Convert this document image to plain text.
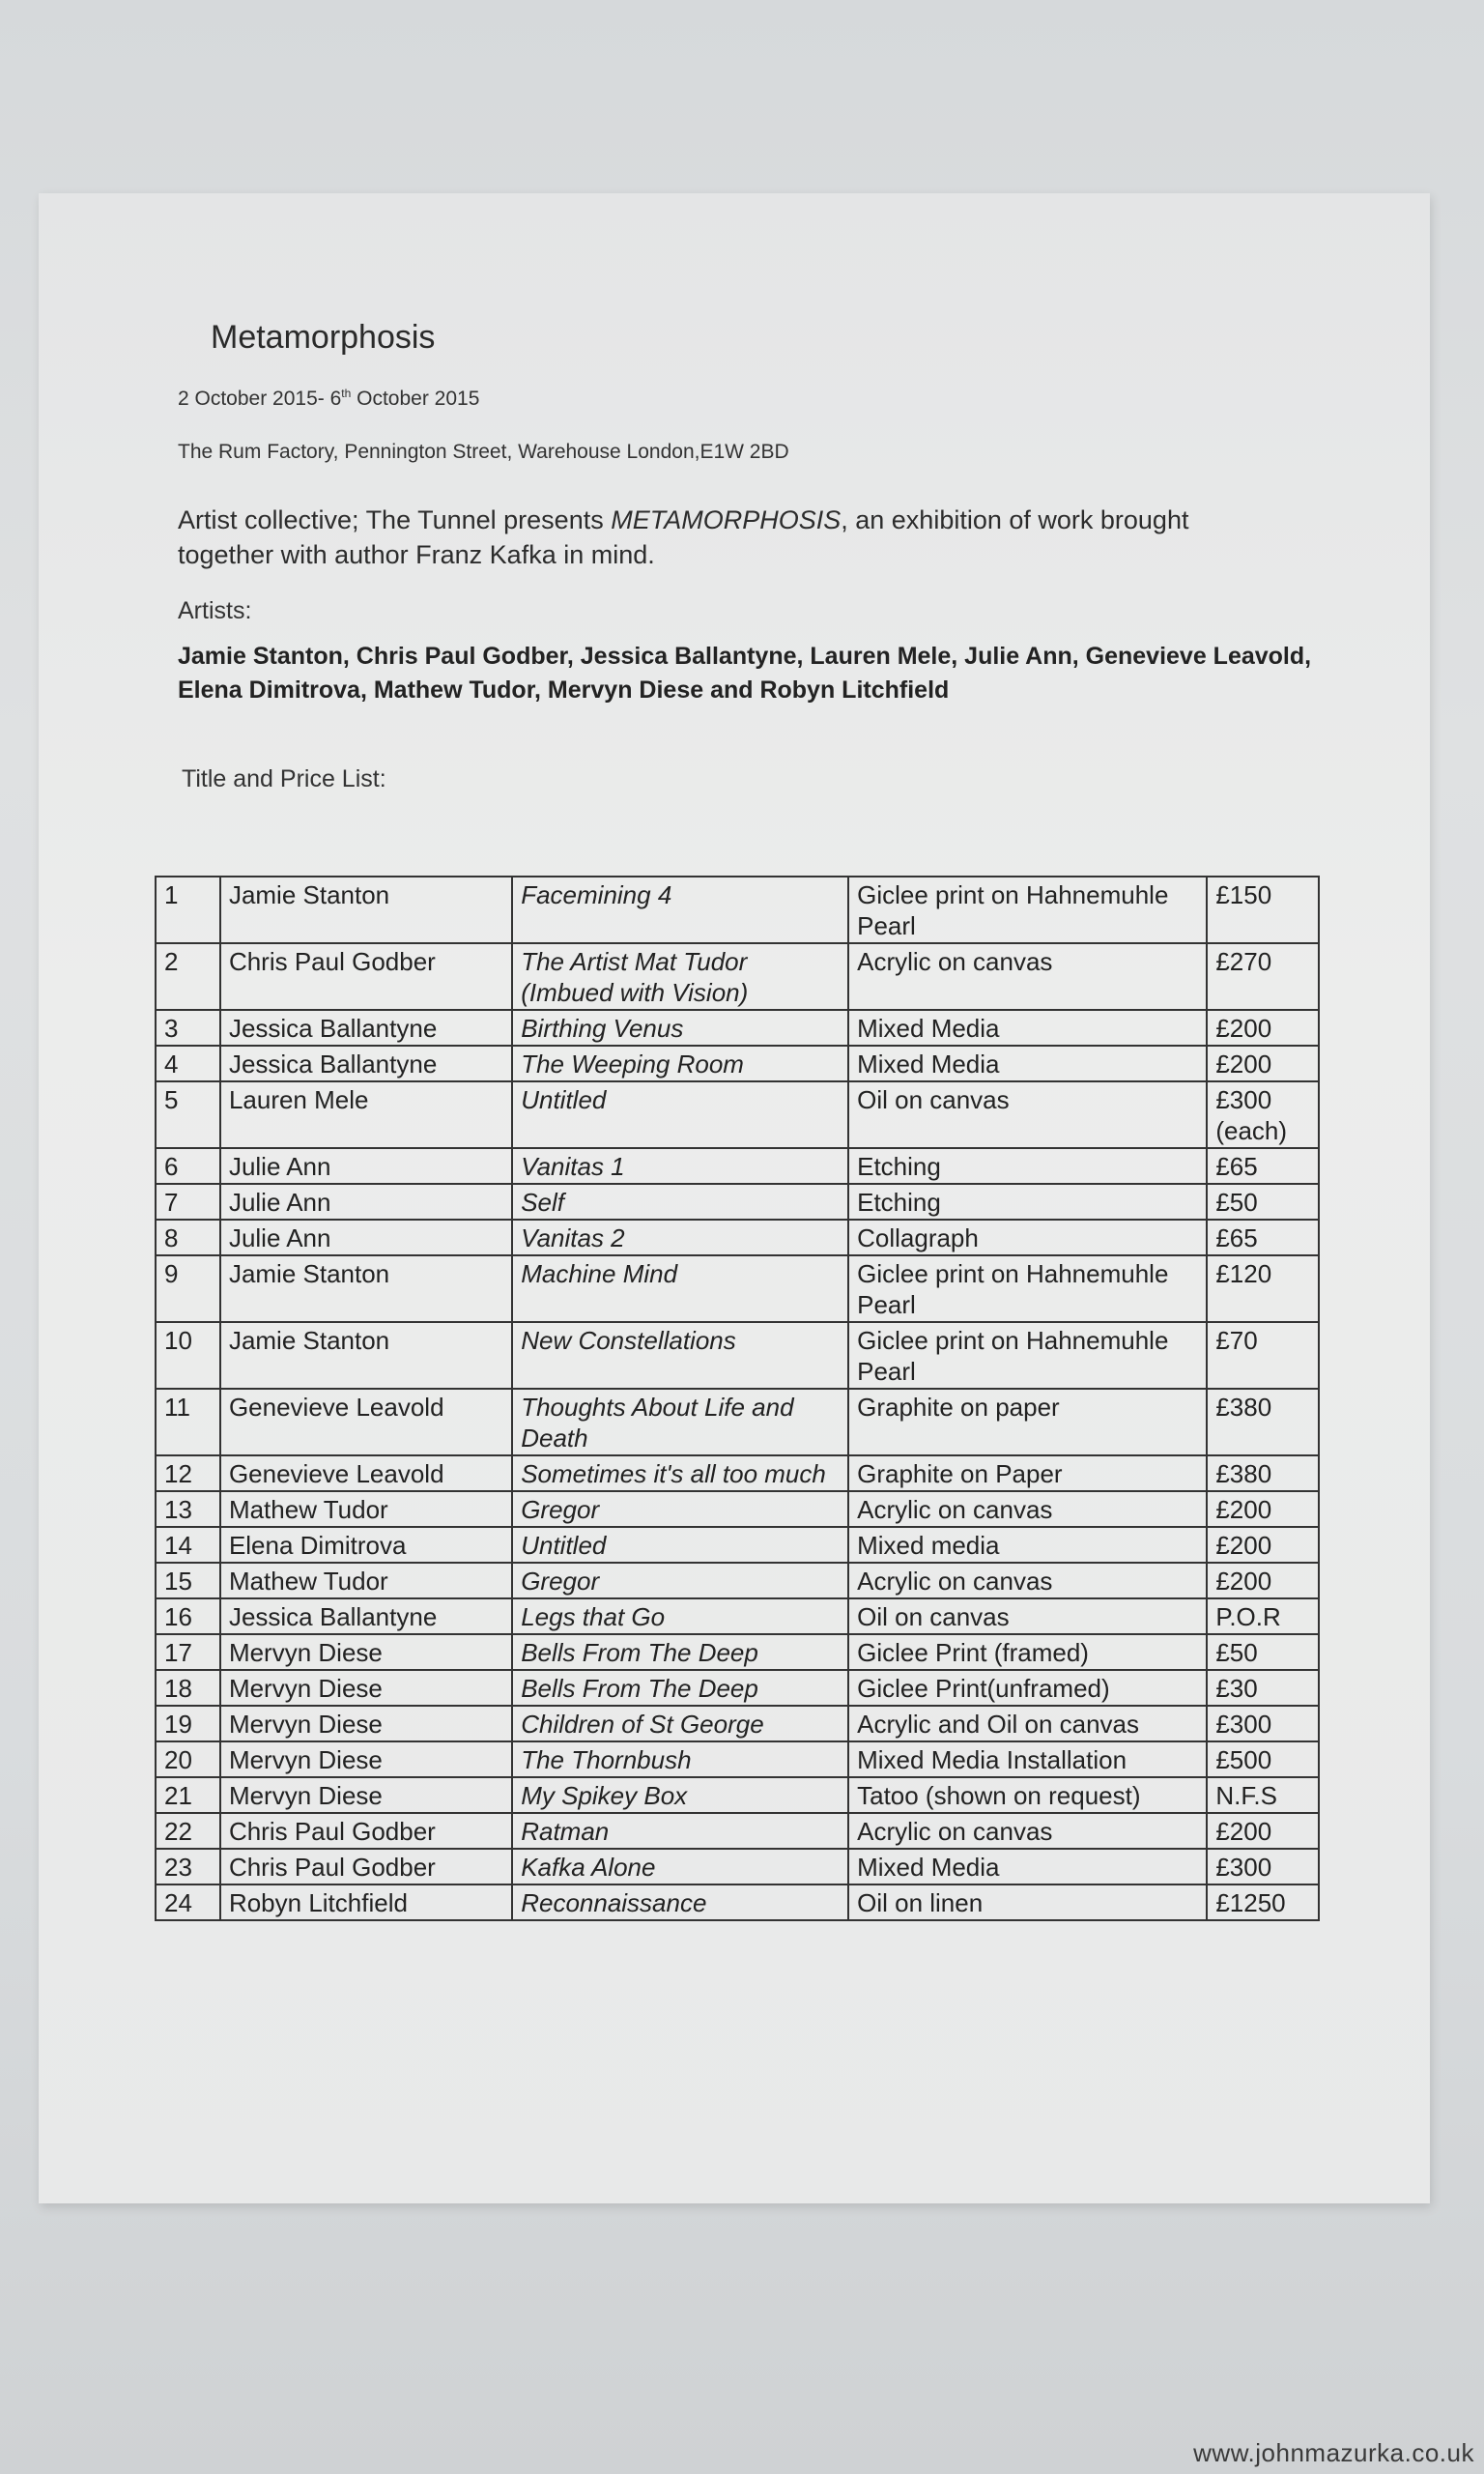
Metamorphosis
2 October 2015- 6th October 2015
The Rum Factory, Pennington Street, Warehouse London,E1W 2BD
Artist collective; The Tunnel presents METAMORPHOSIS, an exhibition of work brought together with author Franz Kafka in mind.
Artists:
Jamie Stanton, Chris Paul Godber, Jessica Ballantyne, Lauren Mele, Julie Ann, Genevieve Leavold, Elena Dimitrova, Mathew Tudor, Mervyn Diese and Robyn Litchfield
Title and Price List:
1	Jamie Stanton	Facemining 4	Giclee print on Hahnemuhle Pearl	£150
2	Chris Paul Godber	The Artist Mat Tudor (Imbued with Vision)	Acrylic on canvas	£270
3	Jessica Ballantyne	Birthing Venus	Mixed Media	£200
4	Jessica Ballantyne	The Weeping Room	Mixed Media	£200
5	Lauren Mele	Untitled	Oil on canvas	£300 (each)
6	Julie Ann	Vanitas 1	Etching	£65
7	Julie Ann	Self	Etching	£50
8	Julie Ann	Vanitas 2	Collagraph	£65
9	Jamie Stanton	Machine Mind	Giclee print on Hahnemuhle Pearl	£120
10	Jamie Stanton	New Constellations	Giclee print on Hahnemuhle Pearl	£70
11	Genevieve Leavold	Thoughts About Life and Death	Graphite on paper	£380
12	Genevieve Leavold	Sometimes it's all too much	Graphite on Paper	£380
13	Mathew Tudor	Gregor	Acrylic on canvas	£200
14	Elena Dimitrova	Untitled	Mixed media	£200
15	Mathew Tudor	Gregor	Acrylic on canvas	£200
16	Jessica Ballantyne	Legs that Go	Oil on canvas	P.O.R
17	Mervyn Diese	Bells From The Deep	Giclee Print (framed)	£50
18	Mervyn Diese	Bells From The Deep	Giclee Print(unframed)	£30
19	Mervyn Diese	Children of St George	Acrylic and Oil on canvas	£300
20	Mervyn Diese	The Thornbush	Mixed Media Installation	£500
21	Mervyn Diese	My Spikey Box	Tatoo (shown on request)	N.F.S
22	Chris Paul Godber	Ratman	Acrylic on canvas	£200
23	Chris Paul Godber	Kafka Alone	Mixed Media	£300
24	Robyn Litchfield	Reconnaissance	Oil on linen	£1250
www.johnmazurka.co.uk
